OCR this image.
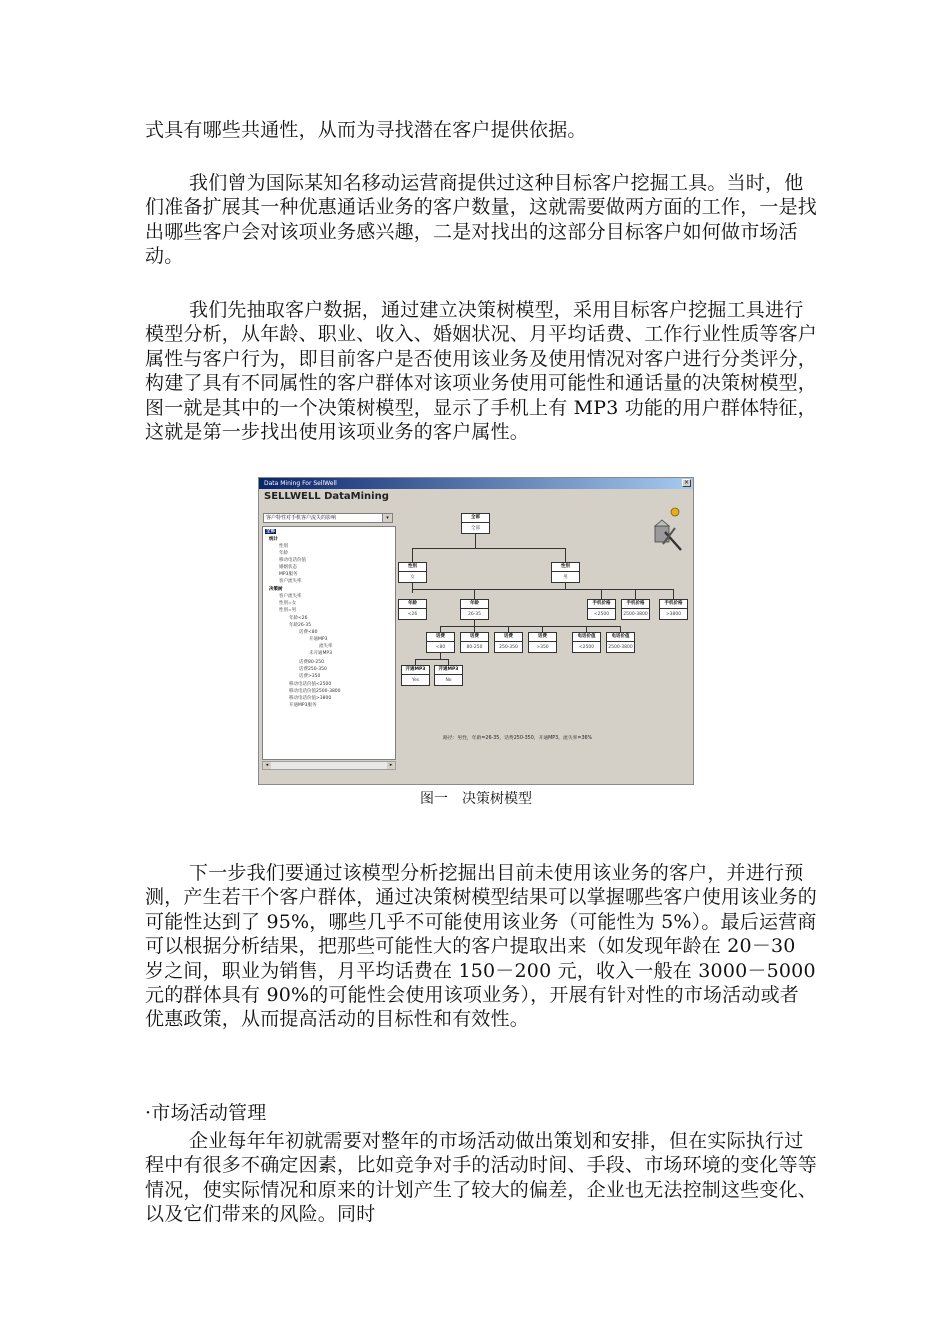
式具有哪些共通性，从而为寻找潜在客户提供依据。

我们曾为国际某知名移动运营商提供过这种目标客户挖掘工具。当时，他们准备扩展其一种优惠通话业务的客户数量，这就需要做两方面的工作，一是找出哪些客户会对该项业务感兴趣，二是对找出的这部分目标客户如何做市场活动。

我们先抽取客户数据，通过建立决策树模型，采用目标客户挖掘工具进行模型分析，从年龄、职业、收入、婚姻状况、月平均话费、工作行业性质等客户属性与客户行为，即目前客户是否使用该业务及使用情况对客户进行分类评分，构建了具有不同属性的客户群体对该项业务使用可能性和通话量的决策树模型，图一就是其中的一个决策树模型，显示了手机上有 MP3 功能的用户群体特征，这就是第一步找出使用该项业务的客户属性。

Data Mining For SellWell	×
SELLWELL DataMining
客户特性对手机客户流失的影响	▾
全部
统计
性别
年龄
移动电话价值
婚姻状态
MP3服务
客户流失率
决策树
客户流失率
性别=女
性别=男
年龄<26
年龄26-35
话费<80
开通MP3
流失率
未开通MP3
话费80-250
话费250-350
话费>350
移动电话价值<2500
移动电话价值2500-3800
移动电话价值>3800
开通MP3服务
◂	▸
全部
全部
性别
女
性别
男
年龄
<26
年龄
26-35
手机价格
<2500
手机价格
2500-3800
手机价格
>3800
话费
<80
话费
80-250
话费
250-350
话费
>350
电话价值
<2500
电话价值
2500-3800
开通MP3
Yes
开通MP3
No
路径：男性，年龄=26-35，话费250-350，开通MP3，流失率=36%
图一　决策树模型

下一步我们要通过该模型分析挖掘出目前未使用该业务的客户，并进行预测，产生若干个客户群体，通过决策树模型结果可以掌握哪些客户使用该业务的可能性达到了 95%，哪些几乎不可能使用该业务（可能性为 5%）。最后运营商可以根据分析结果，把那些可能性大的客户提取出来（如发现年龄在 20－30 岁之间，职业为销售，月平均话费在 150－200 元，收入一般在 3000－5000 元的群体具有 90%的可能性会使用该项业务），开展有针对性的市场活动或者优惠政策，从而提高活动的目标性和有效性。

·市场活动管理

企业每年年初就需要对整年的市场活动做出策划和安排，但在实际执行过程中有很多不确定因素，比如竞争对手的活动时间、手段、市场环境的变化等等情况，使实际情况和原来的计划产生了较大的偏差，企业也无法控制这些变化、以及它们带来的风险。同时
